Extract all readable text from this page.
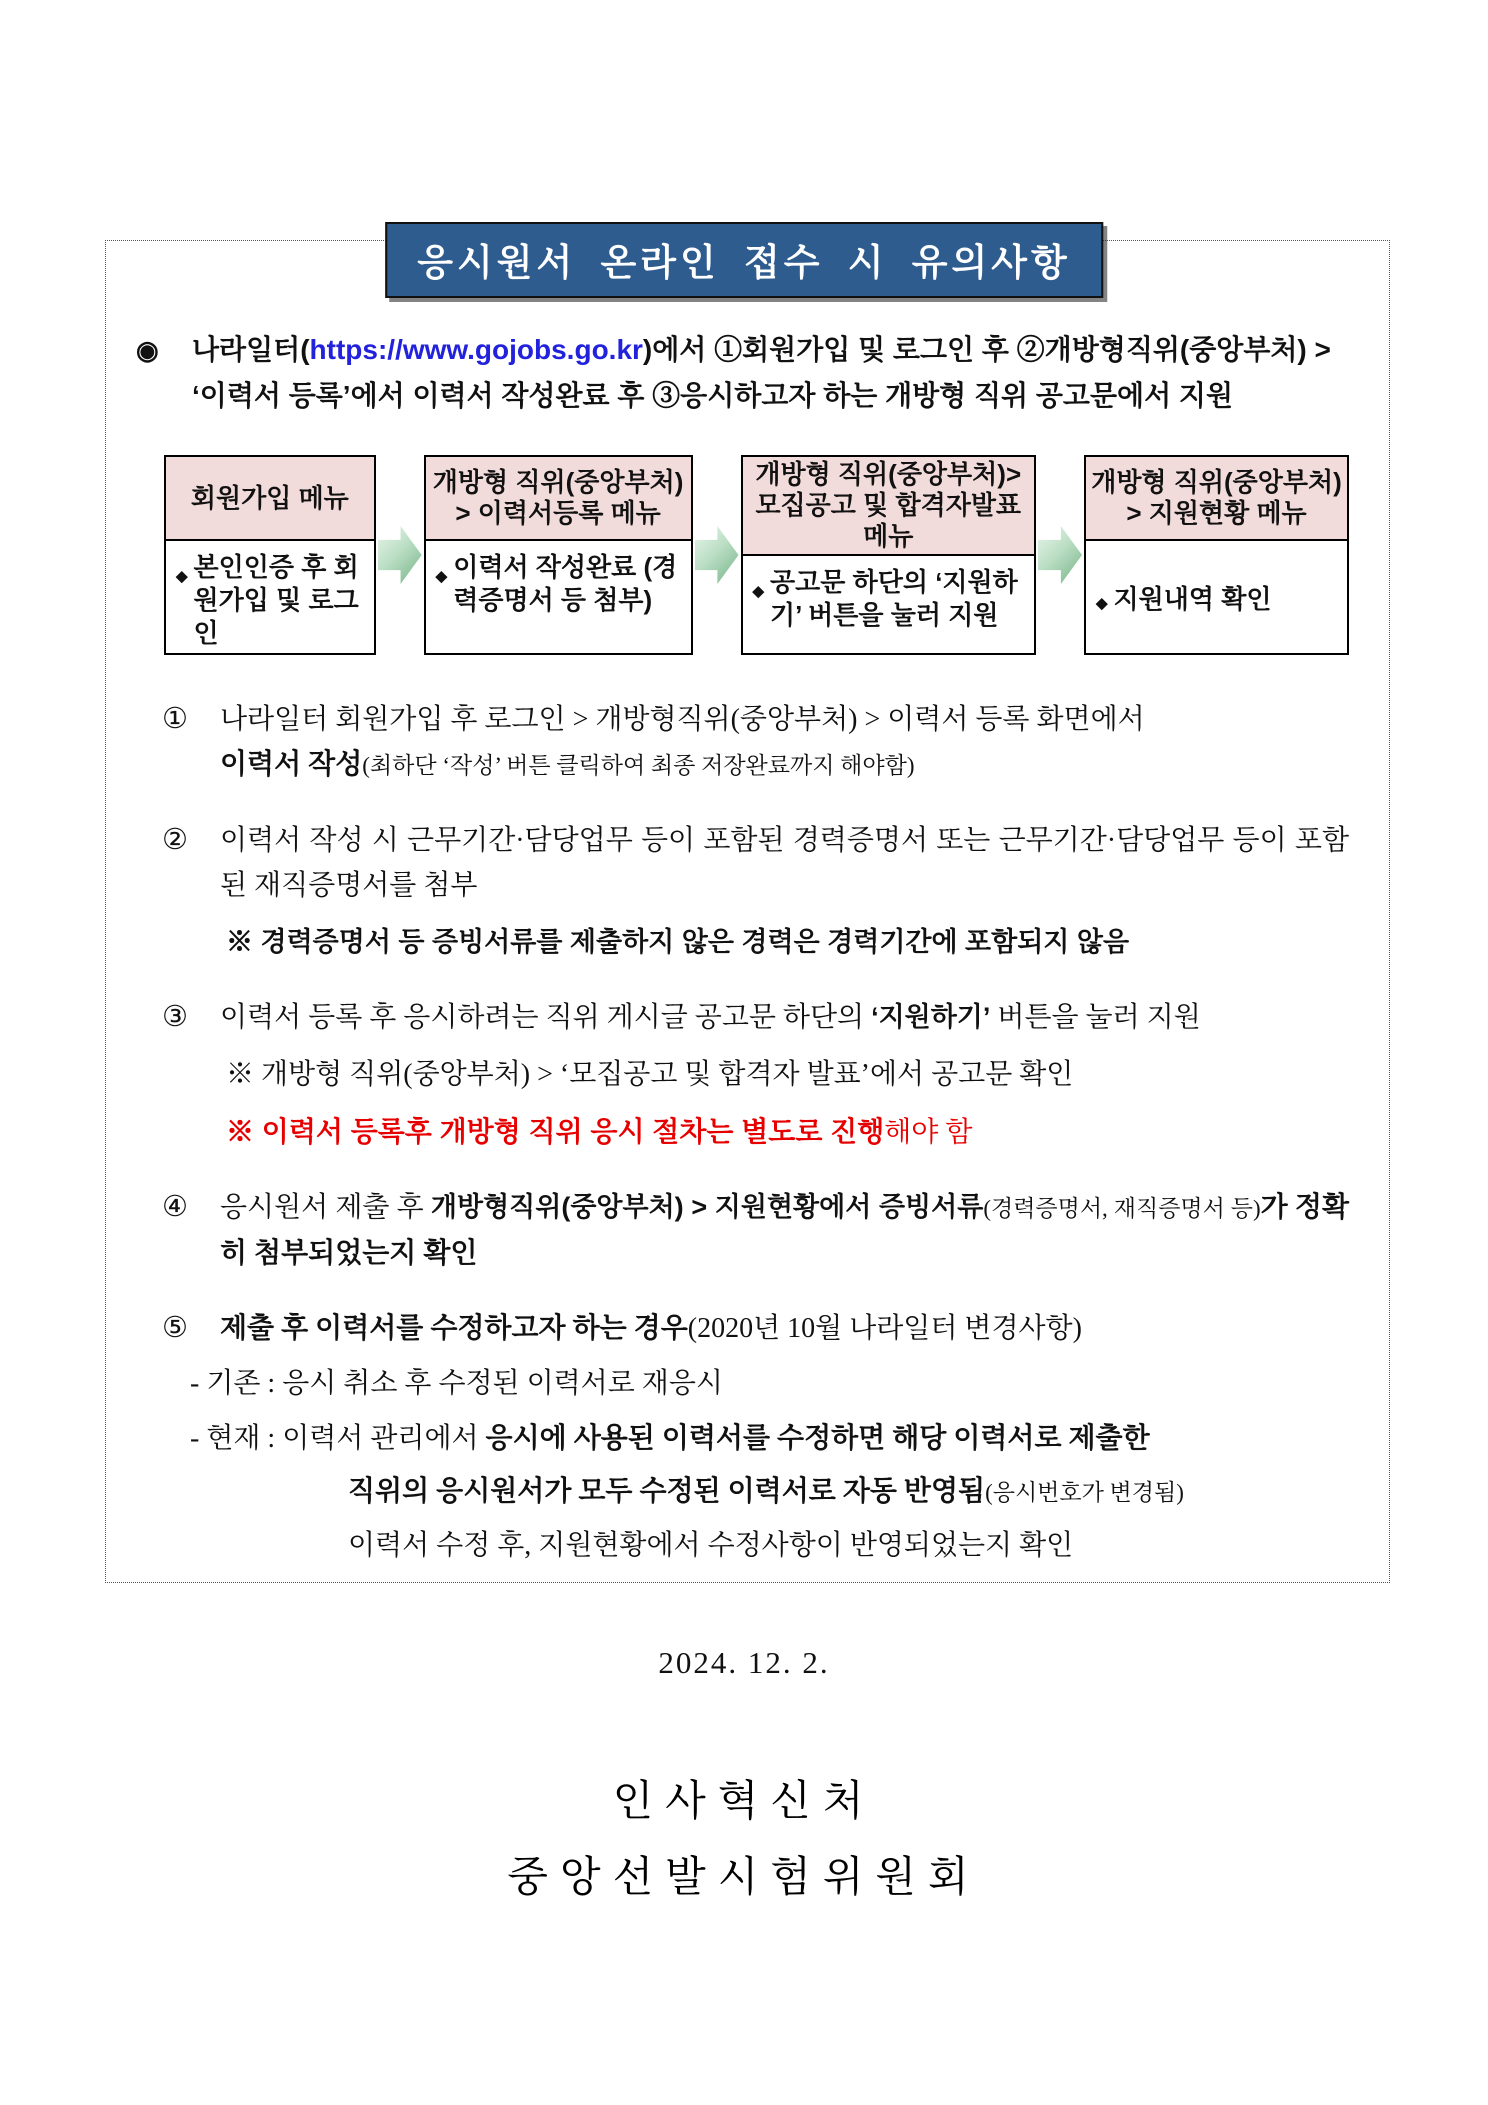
응시원서 온라인 접수 시 유의사항
◉	나라일터(https://www.gojobs.go.kr)에서 ①회원가입 및 로그인 후 ②개방형직위(중앙부처) >
‘이력서 등록’에서 이력서 작성완료 후 ③응시하고자 하는 개방형 직위 공고문에서 지원
회원가입 메뉴
◆ 본인인증 후 회원가입 및 로그인
개방형 직위(중앙부처) > 이력서등록 메뉴
◆ 이력서 작성완료 (경력증명서 등 첨부)
개방형 직위(중앙부처)> 모집공고 및 합격자발표 메뉴
◆ 공고문 하단의 ‘지원하기’ 버튼을 눌러 지원
개방형 직위(중앙부처) > 지원현황 메뉴
◆ 지원내역 확인
①	나라일터 회원가입 후 로그인 > 개방형직위(중앙부처) > 이력서 등록 화면에서
이력서 작성(최하단 ‘작성’ 버튼 클릭하여 최종 저장완료까지 해야함)
②	이력서 작성 시 근무기간·담당업무 등이 포함된 경력증명서 또는 근무기간·담당업무 등이 포함된 재직증명서를 첨부
※ 경력증명서 등 증빙서류를 제출하지 않은 경력은 경력기간에 포함되지 않음
③	이력서 등록 후 응시하려는 직위 게시글 공고문 하단의 ‘지원하기’ 버튼을 눌러 지원
※ 개방형 직위(중앙부처) > ‘모집공고 및 합격자 발표’에서 공고문 확인
※ 이력서 등록후 개방형 직위 응시 절차는 별도로 진행해야 함
④	응시원서 제출 후 개방형직위(중앙부처) > 지원현황에서 증빙서류(경력증명서, 재직증명서 등)가 정확히 첨부되었는지 확인
⑤	제출 후 이력서를 수정하고자 하는 경우(2020년 10월 나라일터 변경사항)
- 기존 : 응시 취소 후 수정된 이력서로 재응시
- 현재 : 이력서 관리에서 응시에 사용된 이력서를 수정하면 해당 이력서로 제출한
직위의 응시원서가 모두 수정된 이력서로 자동 반영됨(응시번호가 변경됨)
이력서 수정 후, 지원현황에서 수정사항이 반영되었는지 확인
2024. 12. 2.
인사혁신처
중앙선발시험위원회
